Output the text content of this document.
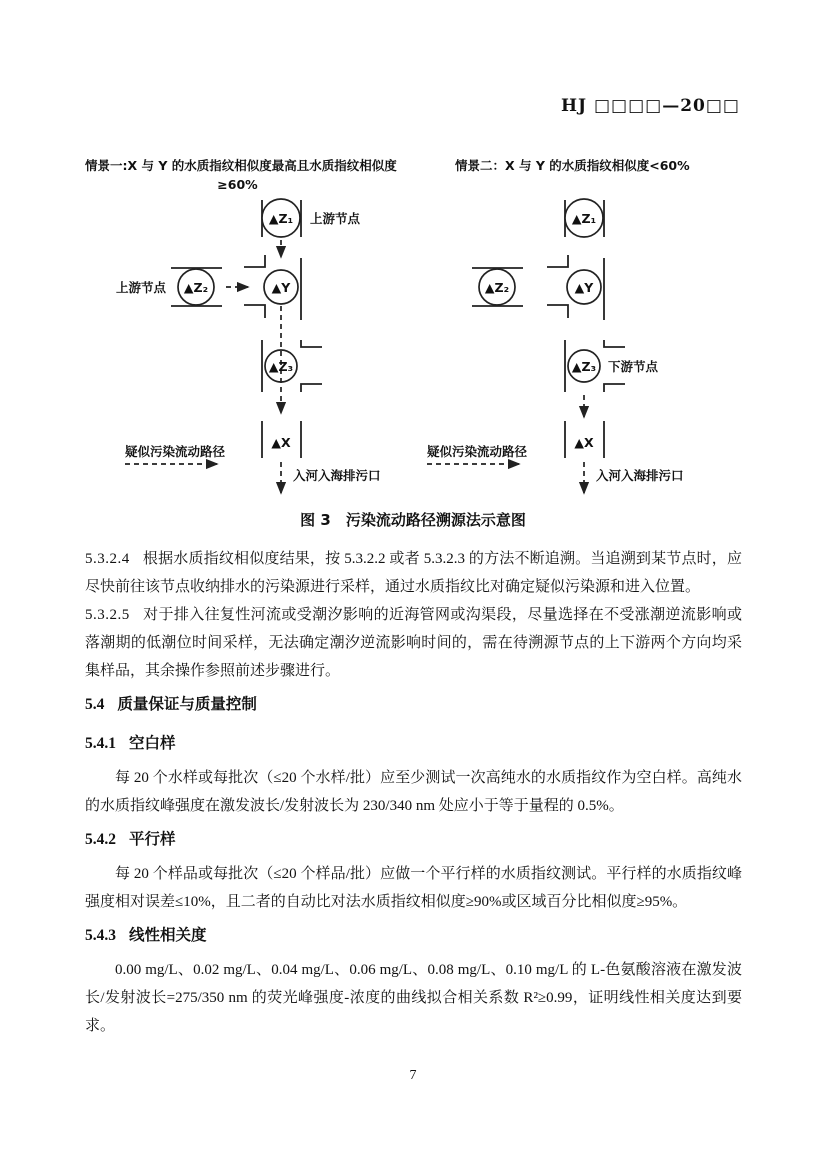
HJ □□□□—20□□
情景一:X 与 Y 的水质指纹相似度最高且水质指纹相似度
≥60%
情景二：X 与 Y 的水质指纹相似度<60%
▲Z₁
▲Z₂	▲Y
▲Z₃
▲X
上游节点
上游节点
入河入海排污口
疑似污染流动路径
▲Z₁
▲Z₂	▲Y
▲Z₃
▲X
下游节点
入河入海排污口
疑似污染流动路径
图 3　污染流动路径溯源法示意图

5.3.2.4 根据水质指纹相似度结果，按 5.3.2.2 或者 5.3.2.3 的方法不断追溯。当追溯到某节点时，应尽快前往该节点收纳排水的污染源进行采样，通过水质指纹比对确定疑似污染源和进入位置。

5.3.2.5 对于排入往复性河流或受潮汐影响的近海管网或沟渠段，尽量选择在不受涨潮逆流影响或落潮期的低潮位时间采样，无法确定潮汐逆流影响时间的，需在待溯源节点的上下游两个方向均采集样品，其余操作参照前述步骤进行。

5.4 质量保证与质量控制
5.4.1 空白样

每 20 个水样或每批次（≤20 个水样/批）应至少测试一次高纯水的水质指纹作为空白样。高纯水的水质指纹峰强度在激发波长/发射波长为 230/340 nm 处应小于等于量程的 0.5%。

5.4.2 平行样

每 20 个样品或每批次（≤20 个样品/批）应做一个平行样的水质指纹测试。平行样的水质指纹峰强度相对误差≤10%，且二者的自动比对法水质指纹相似度≥90%或区域百分比相似度≥95%。

5.4.3 线性相关度

0.00 mg/L、0.02 mg/L、0.04 mg/L、0.06 mg/L、0.08 mg/L、0.10 mg/L 的 L-色氨酸溶液在激发波长/发射波长=275/350 nm 的荧光峰强度-浓度的曲线拟合相关系数 R²≥0.99，证明线性相关度达到要求。

7
